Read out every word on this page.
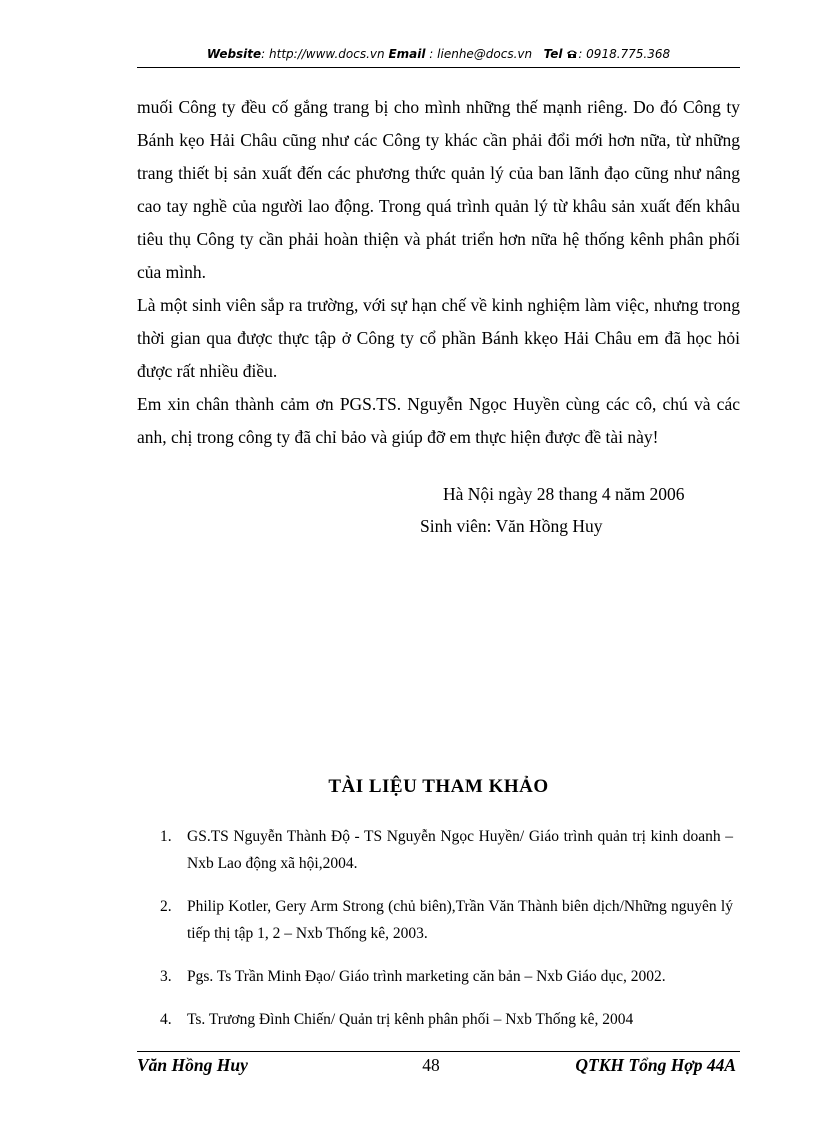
Website: http://www.docs.vn Email : lienhe@docs.vn Tel : 0918.775.368

muối Công ty đều cố gắng trang bị cho mình những thế mạnh riêng. Do đó Công ty Bánh kẹo Hải Châu cũng như các Công ty khác cần phải đổi mới hơn nữa, từ những trang thiết bị sản xuất đến các phương thức quản lý của ban lãnh đạo cũng như nâng cao tay nghề của người lao động. Trong quá trình quản lý từ khâu sản xuất đến khâu tiêu thụ Công ty cần phải hoàn thiện và phát triển hơn nữa hệ thống kênh phân phối của mình.

Là một sinh viên sắp ra trường, với sự hạn chế về kinh nghiệm làm việc, nhưng trong thời gian qua được thực tập ở Công ty cổ phần Bánh kkẹo Hải Châu em đã học hỏi được rất nhiều điều.

Em xin chân thành cảm ơn PGS.TS. Nguyễn Ngọc Huyền cùng các cô, chú và các anh, chị trong công ty đã chỉ bảo và giúp đỡ em thực hiện được đề tài này!

Hà Nội ngày 28 thang 4 năm 2006
Sinh viên: Văn Hồng Huy
TÀI LIỆU THAM KHẢO
1. GS.TS Nguyễn Thành Độ - TS Nguyễn Ngọc Huyền/ Giáo trình quản trị kinh doanh – Nxb Lao động xã hội,2004.
2. Philip Kotler, Gery Arm Strong (chủ biên),Trần Văn Thành biên dịch/Những nguyên lý tiếp thị tập 1, 2 – Nxb Thống kê, 2003.
3. Pgs. Ts Trần Minh Đạo/ Giáo trình marketing căn bản – Nxb Giáo dục, 2002.
4. Ts. Trương Đình Chiến/ Quản trị kênh phân phối – Nxb Thống kê, 2004
Văn Hồng Huy	48	QTKH Tổng Hợp 44A
